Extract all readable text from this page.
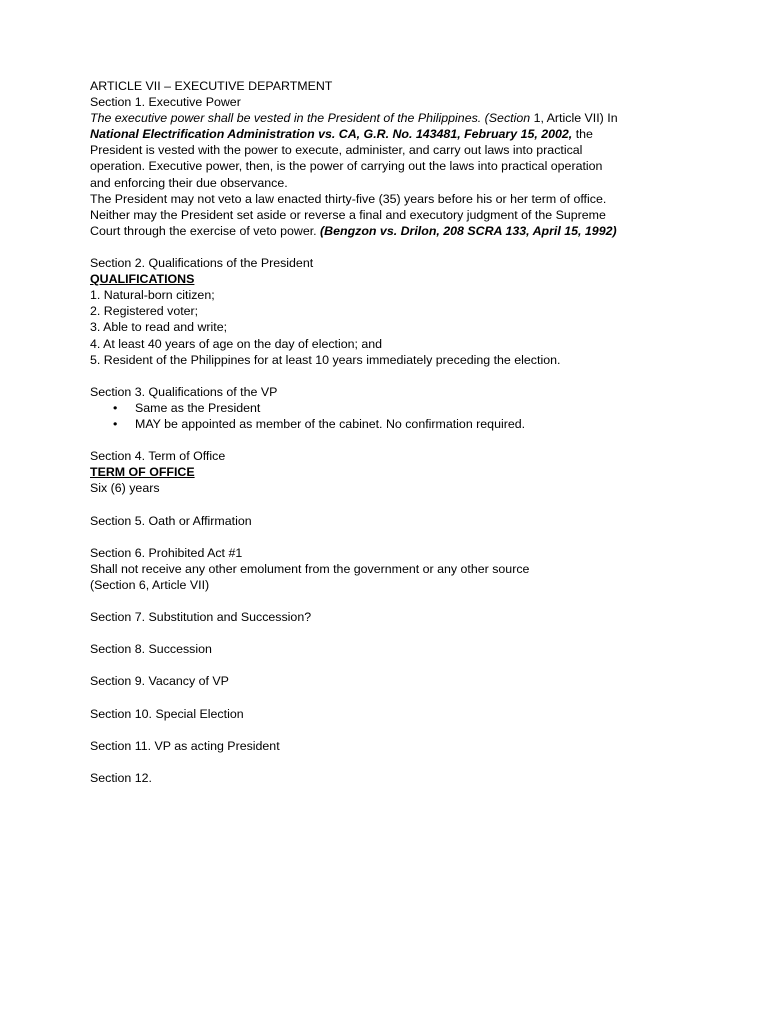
ARTICLE VII – EXECUTIVE DEPARTMENT
Section 1. Executive Power
The executive power shall be vested in the President of the Philippines. (Section 1, Article VII) In
National Electrification Administration vs. CA, G.R. No. 143481, February 15, 2002, the
President is vested with the power to execute, administer, and carry out laws into practical
operation. Executive power, then, is the power of carrying out the laws into practical operation
and enforcing their due observance.
The President may not veto a law enacted thirty-five (35) years before his or her term of office.
Neither may the President set aside or reverse a final and executory judgment of the Supreme
Court through the exercise of veto power. (Bengzon vs. Drilon, 208 SCRA 133, April 15, 1992)
Section 2. Qualifications of the President
QUALIFICATIONS
1. Natural-born citizen;
2. Registered voter;
3. Able to read and write;
4. At least 40 years of age on the day of election; and
5. Resident of the Philippines for at least 10 years immediately preceding the election.
Section 3. Qualifications of the VP
• Same as the President
• MAY be appointed as member of the cabinet. No confirmation required.
Section 4. Term of Office
TERM OF OFFICE
Six (6) years
Section 5. Oath or Affirmation
Section 6. Prohibited Act #1
Shall not receive any other emolument from the government or any other source
(Section 6, Article VII)
Section 7. Substitution and Succession?
Section 8. Succession
Section 9. Vacancy of VP
Section 10. Special Election
Section 11. VP as acting President
Section 12.
